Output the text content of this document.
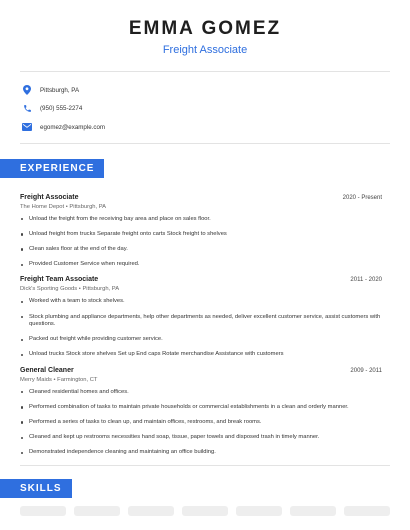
EMMA GOMEZ
Freight Associate
Pittsburgh, PA
(950) 555-2274
egomez@example.com
EXPERIENCE
Freight Associate	2020 - Present
The Home Depot • Pittsburgh, PA
Unload the freight from the receiving bay area and place on sales floor.
Unload freight from trucks Separate freight onto carts Stock freight to shelves
Clean sales floor at the end of the day.
Provided Customer Service when required.
Freight Team Associate	2011 - 2020
Dick's Sporting Goods • Pittsburgh, PA
Worked with a team to stock shelves.
Stock plumbing and appliance departments, help other departments as needed, deliver excellent customer service, assist customers with questions.
Packed out freight while providing customer service.
Unload trucks Stock store shelves Set up End caps Rotate merchandise Assistance with customers
General Cleaner	2009 - 2011
Merry Maids • Farmington, CT
Cleaned residential homes and offices.
Performed combination of tasks to maintain private households or commercial establishments in a clean and orderly manner.
Performed a series of tasks to clean up, and maintain offices, restrooms, and break rooms.
Cleaned and kept up restrooms necessities hand soap, tissue, paper towels and disposed trash in timely manner.
Demonstrated independence cleaning and maintaining an office building.
SKILLS
